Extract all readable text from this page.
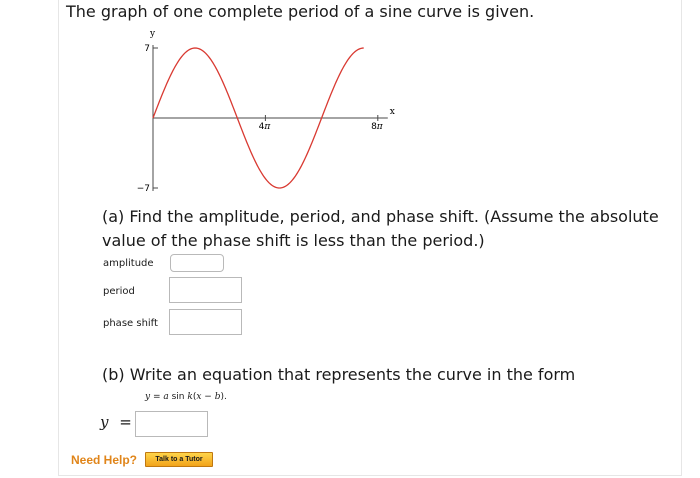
The graph of one complete period of a sine curve is given.
y
x
7
−7
4 π	8 π
(a) Find the amplitude, period, and phase shift. (Assume the absolute
value of the phase shift is less than the period.)
amplitude
period
phase shift
(b) Write an equation that represents the curve in the form
y = a sin k(x − b).
y =
Need Help?	Talk to a Tutor
